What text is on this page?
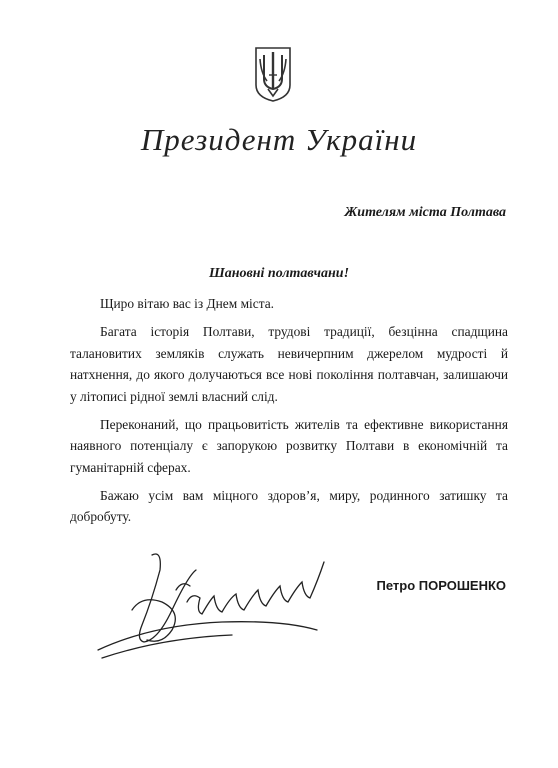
Президент України
Жителям міста Полтава
Шановні полтавчани!

Щиро вітаю вас із Днем міста.

Багата історія Полтави, трудові традиції, безцінна спадщина талановитих земляків служать невичерпним джерелом мудрості й натхнення, до якого долучаються все нові покоління полтавчан, залишаючи у літописі рідної землі власний слід.

Переконаний, що працьовитість жителів та ефективне використання наявного потенціалу є запорукою розвитку Полтави в економічній та гуманітарній сферах.

Бажаю усім вам міцного здоров’я, миру, родинного затишку та добробуту.

Петро ПОРОШЕНКО
